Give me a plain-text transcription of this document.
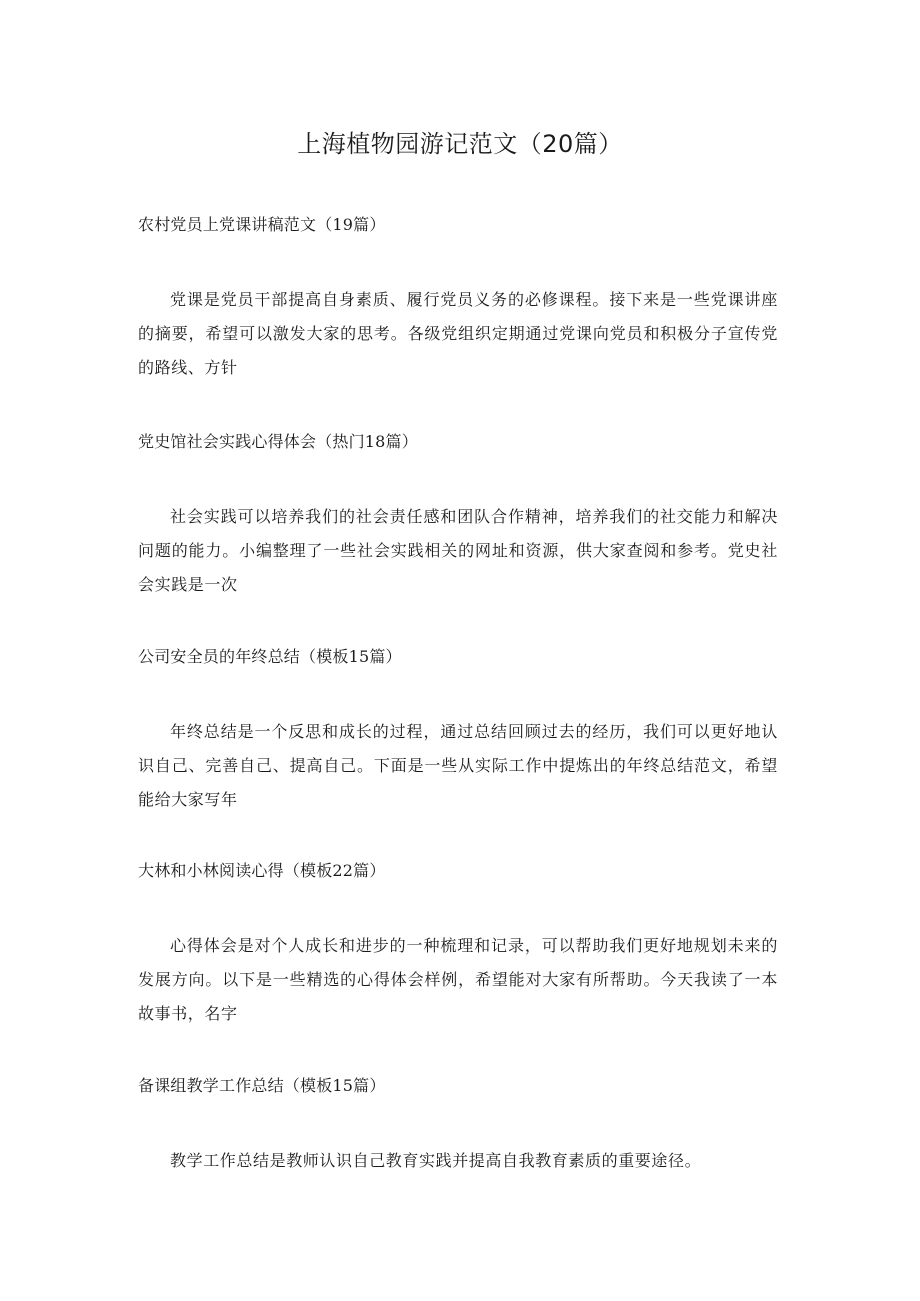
上海植物园游记范文（20篇）

农村党员上党课讲稿范文（19篇）

党课是党员干部提高自身素质、履行党员义务的必修课程。接下来是一些党课讲座的摘要，希望可以激发大家的思考。各级党组织定期通过党课向党员和积极分子宣传党的路线、方针

党史馆社会实践心得体会（热门18篇）

社会实践可以培养我们的社会责任感和团队合作精神，培养我们的社交能力和解决问题的能力。小编整理了一些社会实践相关的网址和资源，供大家查阅和参考。党史社会实践是一次

公司安全员的年终总结（模板15篇）

年终总结是一个反思和成长的过程，通过总结回顾过去的经历，我们可以更好地认识自己、完善自己、提高自己。下面是一些从实际工作中提炼出的年终总结范文，希望能给大家写年

大林和小林阅读心得（模板22篇）

心得体会是对个人成长和进步的一种梳理和记录，可以帮助我们更好地规划未来的发展方向。以下是一些精选的心得体会样例，希望能对大家有所帮助。今天我读了一本故事书，名字

备课组教学工作总结（模板15篇）

教学工作总结是教师认识自己教育实践并提高自我教育素质的重要途径。
